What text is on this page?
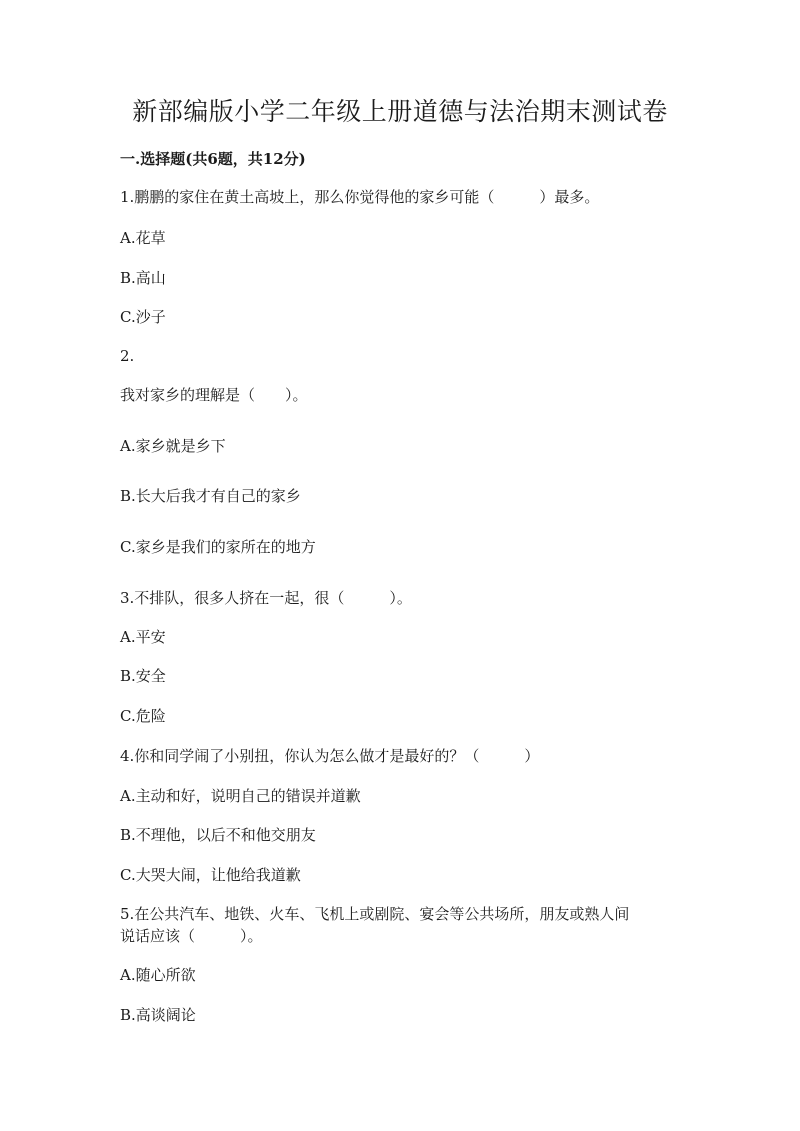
新部编版小学二年级上册道德与法治期末测试卷
一.选择题(共6题，共12分)
1.鹏鹏的家住在黄土高坡上，那么你觉得他的家乡可能（　　　）最多。
A.花草
B.高山
C.沙子
2.
我对家乡的理解是（　　）。
A.家乡就是乡下
B.长大后我才有自己的家乡
C.家乡是我们的家所在的地方
3.不排队，很多人挤在一起，很（　　　）。
A.平安
B.安全
C.危险
4.你和同学闹了小别扭，你认为怎么做才是最好的？（　　　）
A.主动和好，说明自己的错误并道歉
B.不理他，以后不和他交朋友
C.大哭大闹，让他给我道歉
5.在公共汽车、地铁、火车、飞机上或剧院、宴会等公共场所，朋友或熟人间
说话应该（　　　）。
A.随心所欲
B.高谈阔论
